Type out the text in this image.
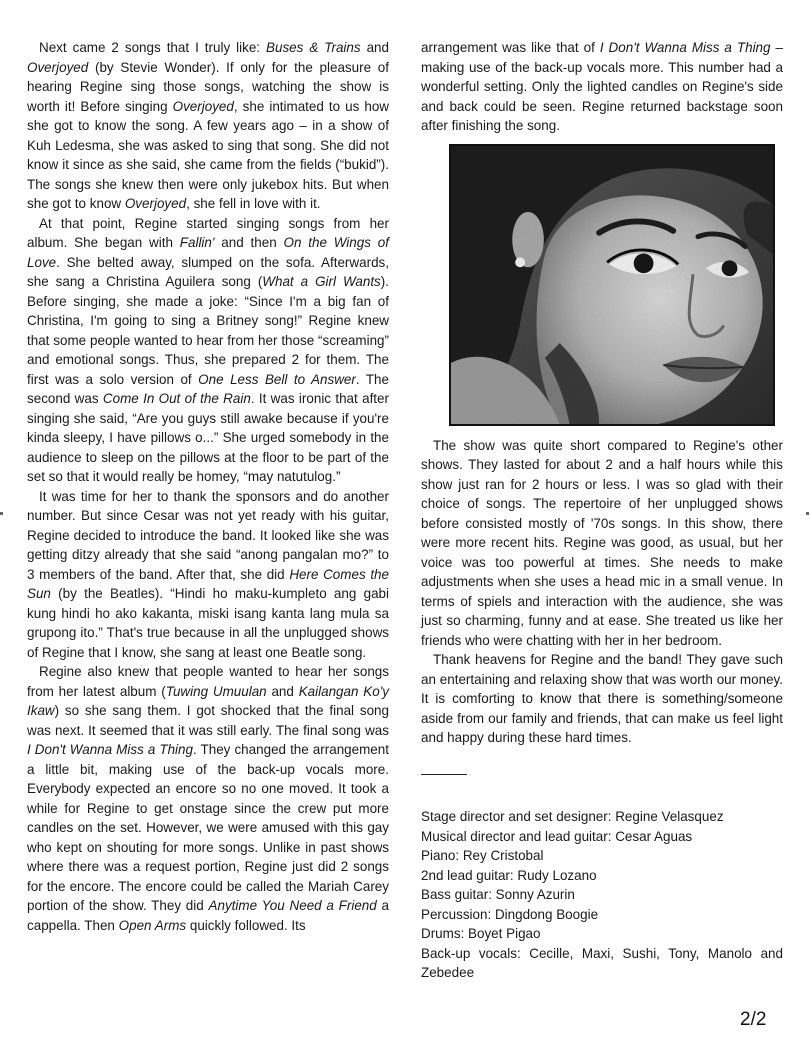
Next came 2 songs that I truly like: Buses & Trains and Overjoyed (by Stevie Wonder). If only for the pleasure of hearing Regine sing those songs, watching the show is worth it! Before singing Overjoyed, she intimated to us how she got to know the song. A few years ago – in a show of Kuh Ledesma, she was asked to sing that song. She did not know it since as she said, she came from the fields (“bukid”). The songs she knew then were only jukebox hits. But when she got to know Overjoyed, she fell in love with it.

At that point, Regine started singing songs from her album. She began with Fallin' and then On the Wings of Love. She belted away, slumped on the sofa. Afterwards, she sang a Christina Aguilera song (What a Girl Wants). Before singing, she made a joke: “Since I'm a big fan of Christina, I'm going to sing a Britney song!” Regine knew that some people wanted to hear from her those “screaming” and emotional songs. Thus, she prepared 2 for them. The first was a solo version of One Less Bell to Answer. The second was Come In Out of the Rain. It was ironic that after singing she said, “Are you guys still awake because if you're kinda sleepy, I have pillows o...” She urged somebody in the audience to sleep on the pillows at the floor to be part of the set so that it would really be homey, “may natutulog.”

It was time for her to thank the sponsors and do another number. But since Cesar was not yet ready with his guitar, Regine decided to introduce the band. It looked like she was getting ditzy already that she said “anong pangalan mo?” to 3 members of the band. After that, she did Here Comes the Sun (by the Beatles). “Hindi ho maku-kumpleto ang gabi kung hindi ho ako kakanta, miski isang kanta lang mula sa grupong ito.” That's true because in all the unplugged shows of Regine that I know, she sang at least one Beatle song.

Regine also knew that people wanted to hear her songs from her latest album (Tuwing Umuulan and Kailangan Ko'y Ikaw) so she sang them. I got shocked that the final song was next. It seemed that it was still early. The final song was I Don't Wanna Miss a Thing. They changed the arrangement a little bit, making use of the back-up vocals more. Everybody expected an encore so no one moved. It took a while for Regine to get onstage since the crew put more candles on the set. However, we were amused with this gay who kept on shouting for more songs. Unlike in past shows where there was a request portion, Regine just did 2 songs for the encore. The encore could be called the Mariah Carey portion of the show. They did Anytime You Need a Friend a cappella. Then Open Arms quickly followed. Its

arrangement was like that of I Don't Wanna Miss a Thing – making use of the back-up vocals more. This number had a wonderful setting. Only the lighted candles on Regine's side and back could be seen. Regine returned backstage soon after finishing the song.

The show was quite short compared to Regine's other shows. They lasted for about 2 and a half hours while this show just ran for 2 hours or less. I was so glad with their choice of songs. The repertoire of her unplugged shows before consisted mostly of '70s songs. In this show, there were more recent hits. Regine was good, as usual, but her voice was too powerful at times. She needs to make adjustments when she uses a head mic in a small venue. In terms of spiels and interaction with the audience, she was just so charming, funny and at ease. She treated us like her friends who were chatting with her in her bedroom.

Thank heavens for Regine and the band! They gave such an entertaining and relaxing show that was worth our money. It is comforting to know that there is something/someone aside from our family and friends, that can make us feel light and happy during these hard times.

Stage director and set designer: Regine Velasquez

Musical director and lead guitar: Cesar Aguas

Piano: Rey Cristobal

2nd lead guitar: Rudy Lozano

Bass guitar: Sonny Azurin

Percussion: Dingdong Boogie

Drums: Boyet Pigao

Back-up vocals: Cecille, Maxi, Sushi, Tony, Manolo and Zebedee

2/2
